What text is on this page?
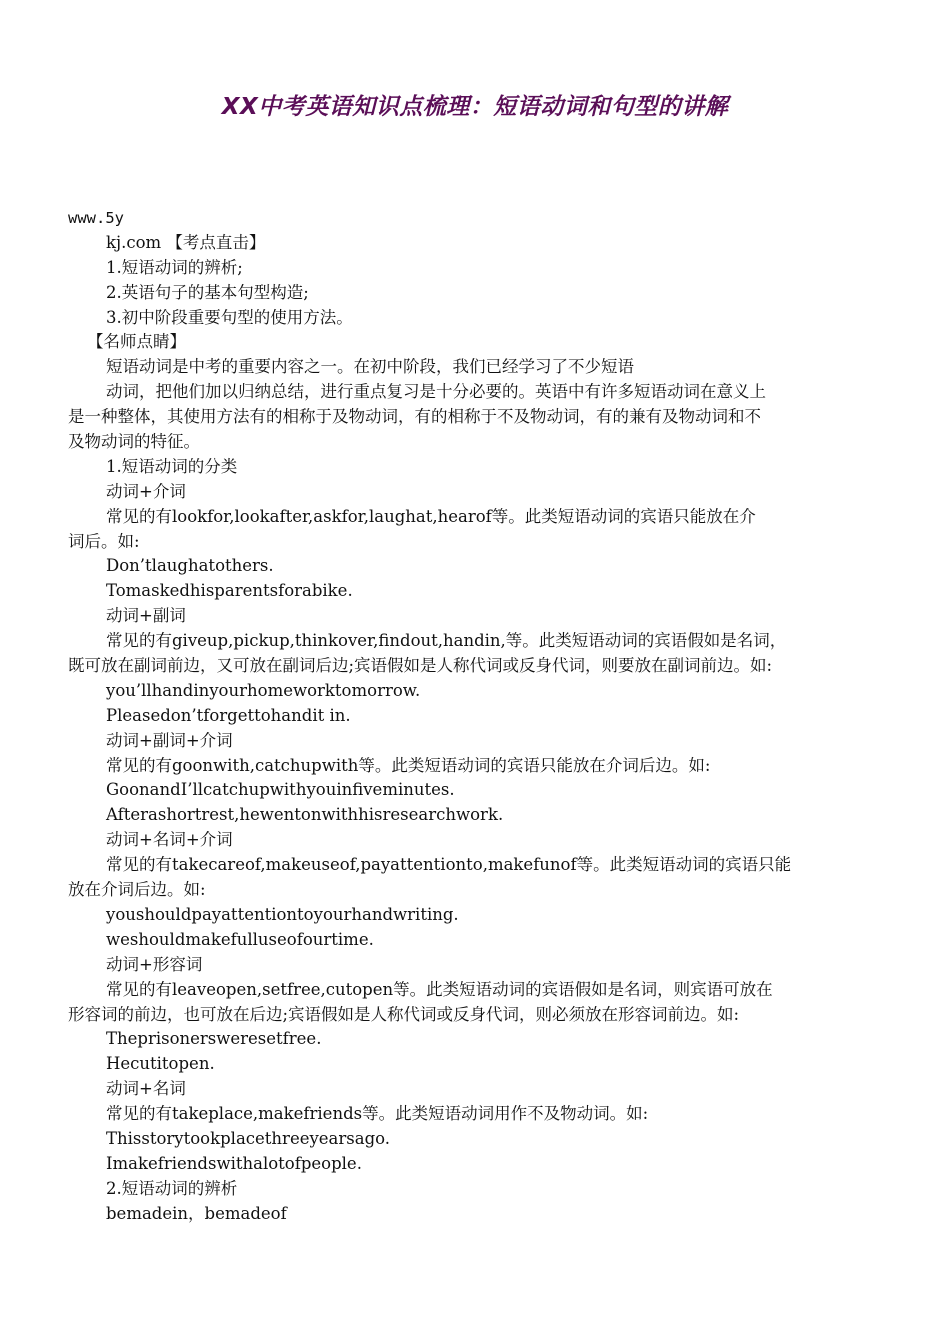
XX中考英语知识点梳理：短语动词和句型的讲解
www.5y
kj.com 【考点直击】
1.短语动词的辨析;
2.英语句子的基本句型构造;
3.初中阶段重要句型的使用方法。
【名师点睛】
短语动词是中考的重要内容之一。在初中阶段，我们已经学习了不少短语
动词，把他们加以归纳总结，进行重点复习是十分必要的。英语中有许多短语动词在意义上
是一种整体，其使用方法有的相称于及物动词，有的相称于不及物动词，有的兼有及物动词和不
及物动词的特征。
1.短语动词的分类
动词+介词
常见的有lookfor,lookafter,askfor,laughat,hearof等。此类短语动词的宾语只能放在介
词后。如:
Don’tlaughatothers.
Tomaskedhisparentsforabike.
动词+副词
常见的有giveup,pickup,thinkover,findout,handin,等。此类短语动词的宾语假如是名词，
既可放在副词前边，又可放在副词后边;宾语假如是人称代词或反身代词，则要放在副词前边。如:
you’llhandinyourhomeworktomorrow.
Pleasedon’tforgettohandit in.
动词+副词+介词
常见的有goonwith,catchupwith等。此类短语动词的宾语只能放在介词后边。如:
GoonandI’llcatchupwithyouinfiveminutes.
Afterashortrest,hewentonwithhisresearchwork.
动词+名词+介词
常见的有takecareof,makeuseof,payattentionto,makefunof等。此类短语动词的宾语只能
放在介词后边。如:
youshouldpayattentiontoyourhandwriting.
weshouldmakefulluseofourtime.
动词+形容词
常见的有leaveopen,setfree,cutopen等。此类短语动词的宾语假如是名词，则宾语可放在
形容词的前边，也可放在后边;宾语假如是人称代词或反身代词，则必须放在形容词前边。如:
Theprisonersweresetfree.
Hecutitopen.
动词+名词
常见的有takeplace,makefriends等。此类短语动词用作不及物动词。如:
Thisstorytookplacethreeyearsago.
Imakefriendswithalotofpeople.
2.短语动词的辨析
bemadein，bemadeof
